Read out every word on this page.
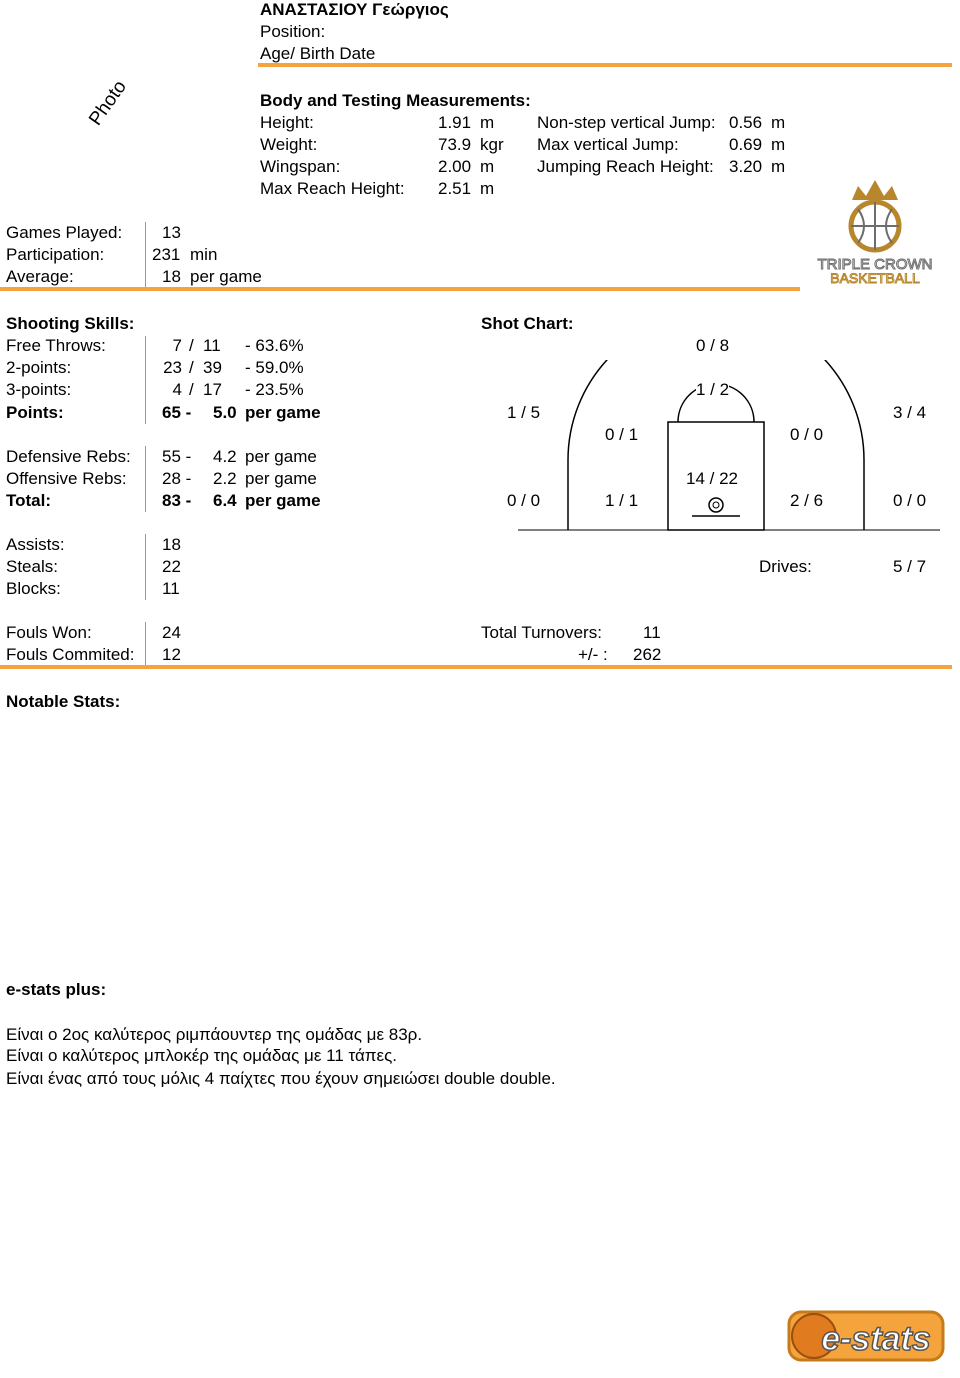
Photo
ΑΝΑΣΤΑΣΙΟΥ Γεώργιος
Position:
Age/ Birth Date
Body and Testing Measurements:
Height:	1.91 m
Weight:	73.9 kgr
Wingspan:	2.00 m
Max Reach Height: 2.51 m
Non-step vertical Jump: 0.56 m
Max vertical Jump:	0.69 m
Jumping Reach Height: 3.20 m
TRIPLE CROWN
BASKETBALL
Games Played: 13
Participation:	231 min
Average:	18 per game
Shooting Skills:
Free Throws:	7 / 11 - 63.6%
2-points:	23 / 39 - 59.0%
3-points:	4 / 17 - 23.5%
Points:	65 - 5.0 per game
Defensive Rebs: 55 - 4.2 per game
Offensive Rebs: 28 - 2.2 per game
Total:	83 - 6.4 per game
Shot Chart:
0 / 8
1 / 2
1 / 5	3 / 4
0 / 1	0 / 0
14 / 22
0 / 0	1 / 1	2 / 6	0 / 0
Drives:	5 / 7
Assists:	18
Steals:	22
Blocks:	11
Fouls Won:	24
Fouls Commited: 12
Total Turnovers: 11
+/- : 262
Notable Stats:
e-stats plus:
Είναι ο 2ος καλύτερος ριμπάουντερ της ομάδας με 83ρ.
Είναι ο καλύτερος μπλοκέρ της ομάδας με 11 τάπες.
Είναι ένας από τους μόλις 4 παίχτες που έχουν σημειώσει double double.
e-stats
